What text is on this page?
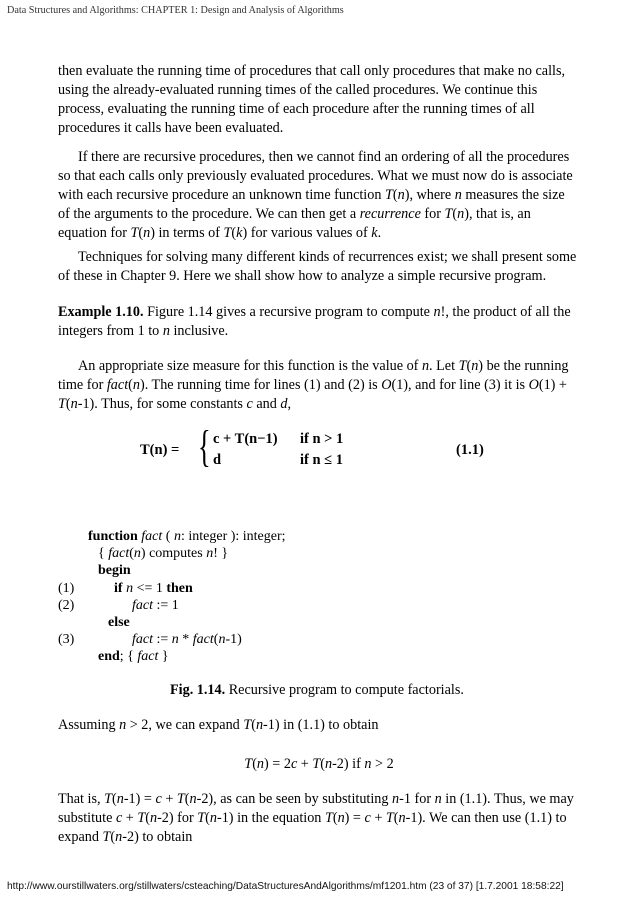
Data Structures and Algorithms: CHAPTER 1: Design and Analysis of Algorithms

then evaluate the running time of procedures that call only procedures that make no calls, using the already-evaluated running times of the called procedures. We continue this process, evaluating the running time of each procedure after the running times of all procedures it calls have been evaluated.

If there are recursive procedures, then we cannot find an ordering of all the procedures so that each calls only previously evaluated procedures. What we must now do is associate with each recursive procedure an unknown time function T(n), where n measures the size of the arguments to the procedure. We can then get a recurrence for T(n), that is, an equation for T(n) in terms of T(k) for various values of k.

Techniques for solving many different kinds of recurrences exist; we shall present some of these in Chapter 9. Here we shall show how to analyze a simple recursive program.

Example 1.10. Figure 1.14 gives a recursive program to compute n!, the product of all the integers from 1 to n inclusive.

An appropriate size measure for this function is the value of n. Let T(n) be the running time for fact(n). The running time for lines (1) and (2) is O(1), and for line (3) it is O(1) + T(n-1). Thus, for some constants c and d,

T(n) = { c + T(n−1) if n > 1
d	if n ≤ 1
(1.1)
function fact ( n: integer ): integer;
{ fact(n) computes n! }
begin
(1)	if n <= 1 then
(2)	fact := 1
else
(3)	fact := n * fact(n-1)
end; { fact }
Fig. 1.14. Recursive program to compute factorials.

Assuming n > 2, we can expand T(n-1) in (1.1) to obtain

T(n) = 2c + T(n-2) if n > 2

That is, T(n-1) = c + T(n-2), as can be seen by substituting n-1 for n in (1.1). Thus, we may substitute c + T(n-2) for T(n-1) in the equation T(n) = c + T(n-1). We can then use (1.1) to expand T(n-2) to obtain

http://www.ourstillwaters.org/stillwaters/csteaching/DataStructuresAndAlgorithms/mf1201.htm (23 of 37) [1.7.2001 18:58:22]
